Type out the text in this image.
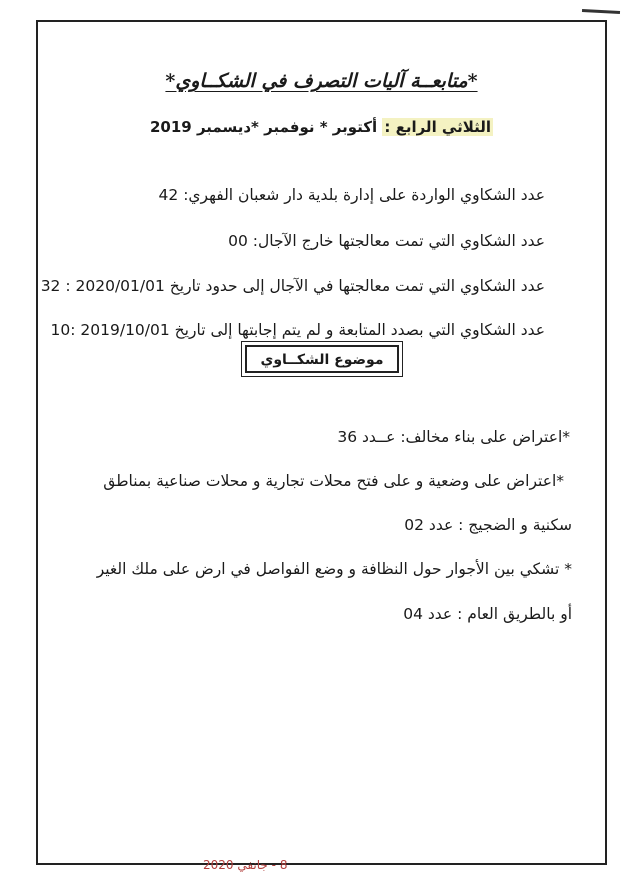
*متابعــة آليات التصرف في الشكــاوي*
الثلاثي الرابع : أكتوبر * نوفمبر *ديسمبر 2019
عدد الشكاوي الواردة على إدارة بلدية دار شعبان الفهري: 42
عدد الشكاوي التي تمت معالجتها خارج الآجال: 00
عدد الشكاوي التي تمت معالجتها في الآجال إلى حدود تاريخ 2020/01/01 : 32
عدد الشكاوي التي بصدد المتابعة و لم يتم إجابتها إلى تاريخ 2019/10/01 :10
موضوع الشكــاوي
*اعتراض على بناء مخالف: عــدد 36
*اعتراض على وضعية و على فتح محلات تجارية و محلات صناعية بمناطق
سكنية و الضجيج : عدد 02
* تشكي بين الأجوار حول النظافة و وضع الفواصل في ارض على ملك الغير
أو بالطريق العام : عدد 04
8 - جانفي 2020
